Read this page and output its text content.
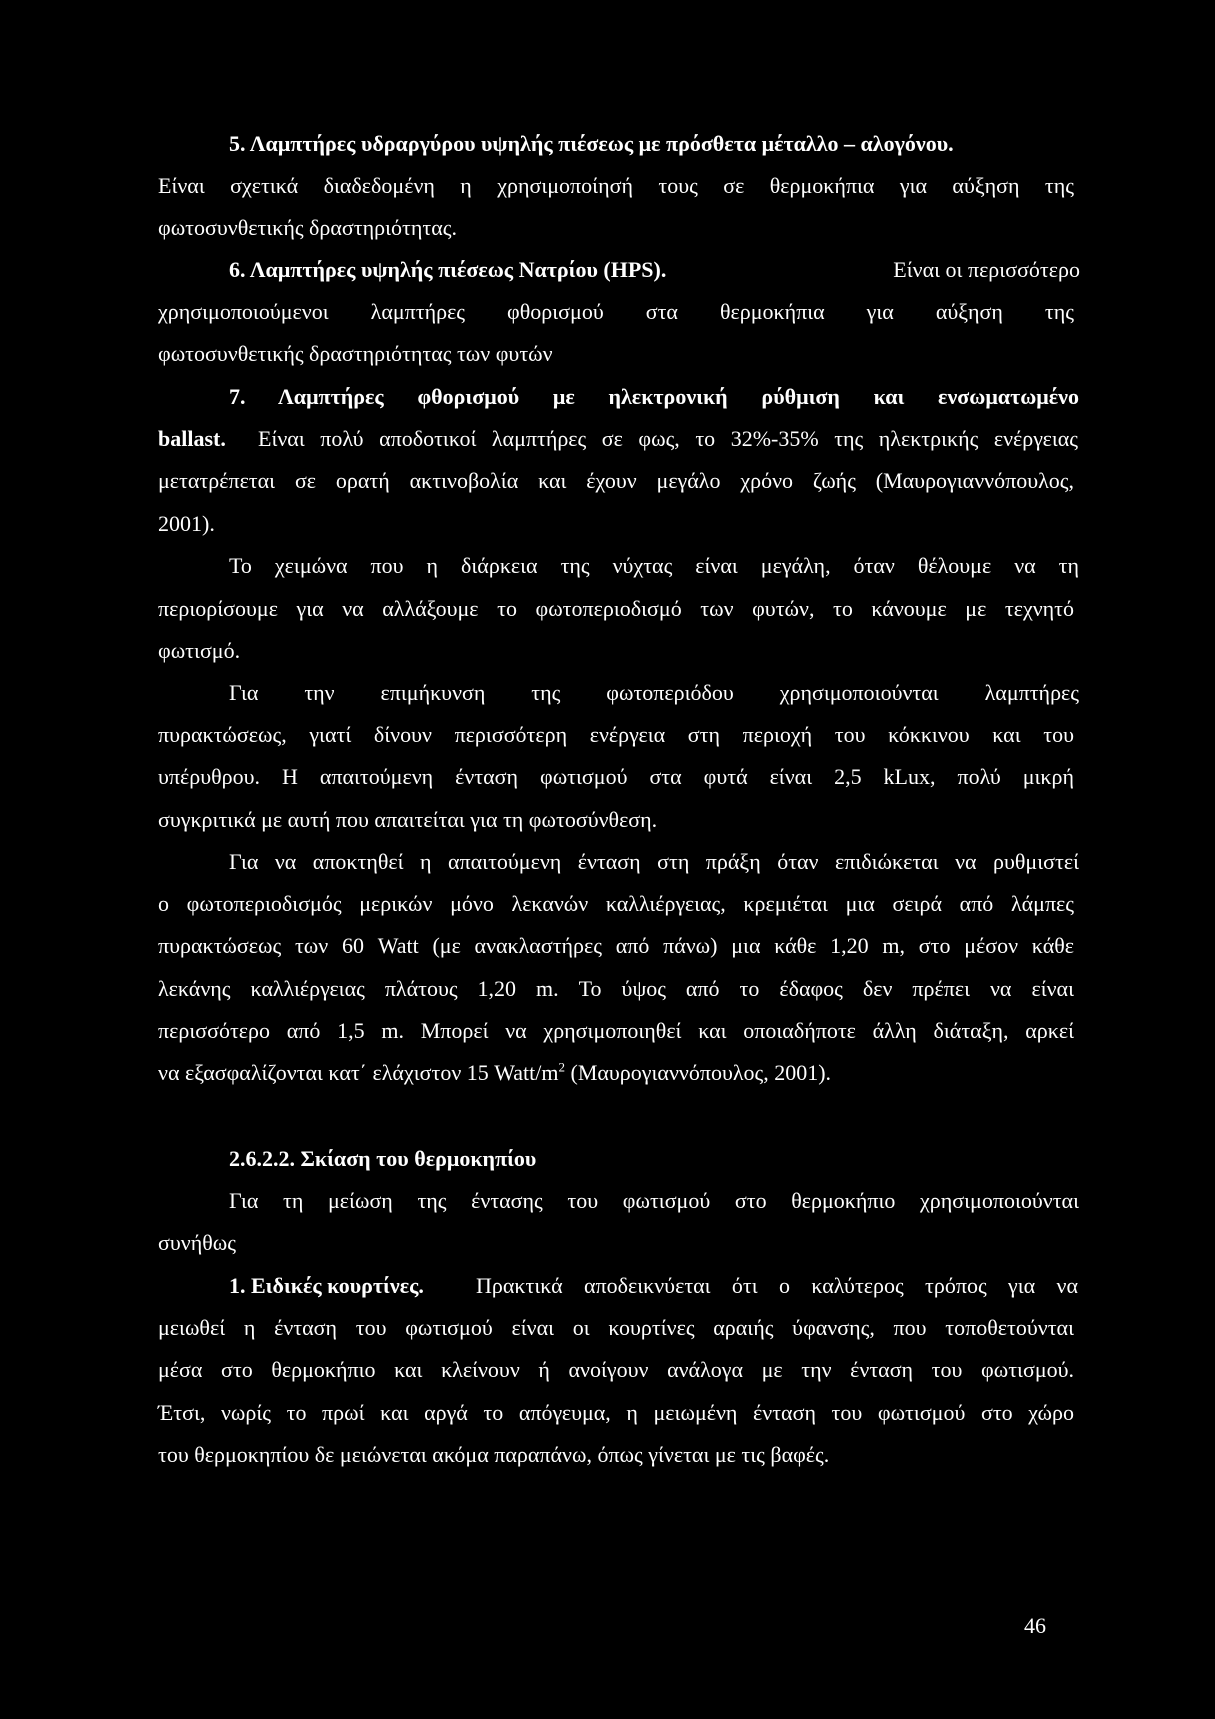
5. Λαμπτήρες υδραργύρου υψηλής πιέσεως με πρόσθετα μέταλλο – αλογόνου.
Είναι σχετικά διαδεδομένη η χρησιμοποίησή τους σε θερμοκήπια για αύξηση της
φωτοσυνθετικής δραστηριότητας.
6. Λαμπτήρες υψηλής πιέσεως Νατρίου (HPS).	Είναι οι περισσότερο
χρησιμοποιούμενοι λαμπτήρες φθορισμού στα θερμοκήπια για αύξηση της
φωτοσυνθετικής δραστηριότητας των φυτών
7. Λαμπτήρες φθορισμού με ηλεκτρονική ρύθμιση και ενσωματωμένο
ballast.	Είναι πολύ αποδοτικοί λαμπτήρες σε φως, το 32%-35% της ηλεκτρικής ενέργειας
μετατρέπεται σε ορατή ακτινοβολία και έχουν μεγάλο χρόνο ζωής (Μαυρογιαννόπουλος,
2001).
Το χειμώνα που η διάρκεια της νύχτας είναι μεγάλη, όταν θέλουμε να τη
περιορίσουμε για να αλλάξουμε το φωτοπεριοδισμό των φυτών, το κάνουμε με τεχνητό
φωτισμό.
Για την επιμήκυνση της φωτοπεριόδου χρησιμοποιούνται λαμπτήρες
πυρακτώσεως, γιατί δίνουν περισσότερη ενέργεια στη περιοχή του κόκκινου και του
υπέρυθρου. Η απαιτούμενη ένταση φωτισμού στα φυτά είναι 2,5 kLux, πολύ μικρή
συγκριτικά με αυτή που απαιτείται για τη φωτοσύνθεση.
Για να αποκτηθεί η απαιτούμενη ένταση στη πράξη όταν επιδιώκεται να ρυθμιστεί
ο φωτοπεριοδισμός μερικών μόνο λεκανών καλλιέργειας, κρεμιέται μια σειρά από λάμπες
πυρακτώσεως των 60 Watt (με ανακλαστήρες από πάνω) μια κάθε 1,20 m, στο μέσον κάθε
λεκάνης καλλιέργειας πλάτους 1,20 m. Το ύψος από το έδαφος δεν πρέπει να είναι
περισσότερο από 1,5 m. Μπορεί να χρησιμοποιηθεί και οποιαδήποτε άλλη διάταξη, αρκεί
να εξασφαλίζονται κατ΄ ελάχιστον 15 Watt/$m^2$ (Μαυρογιαννόπουλος, 2001).
2.6.2.2. Σκίαση του θερμοκηπίου
Για τη μείωση της έντασης του φωτισμού στο θερμοκήπιο χρησιμοποιούνται
συνήθως
1. Ειδικές κουρτίνες.	Πρακτικά αποδεικνύεται ότι ο καλύτερος τρόπος για να
μειωθεί η ένταση του φωτισμού είναι οι κουρτίνες αραιής ύφανσης, που τοποθετούνται
μέσα στο θερμοκήπιο και κλείνουν ή ανοίγουν ανάλογα με την ένταση του φωτισμού.
Έτσι, νωρίς το πρωί και αργά το απόγευμα, η μειωμένη ένταση του φωτισμού στο χώρο
του θερμοκηπίου δε μειώνεται ακόμα παραπάνω, όπως γίνεται με τις βαφές.
46
